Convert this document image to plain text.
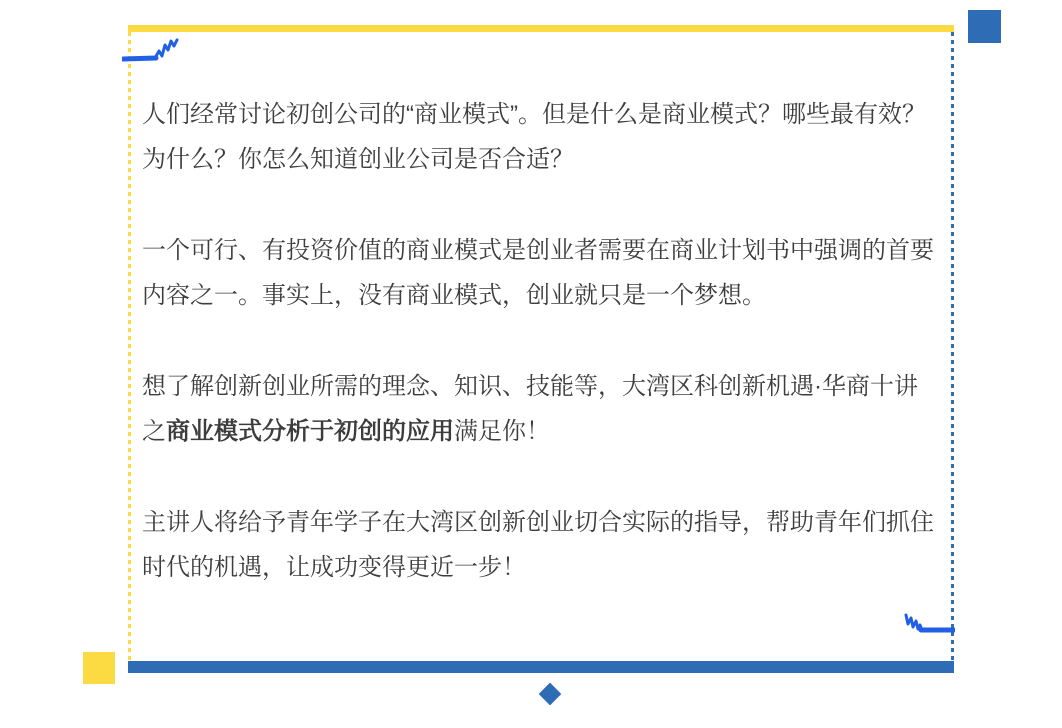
人们经常讨论初创公司的“商业模式”。但是什么是商业模式？哪些最有效？
为什么？你怎么知道创业公司是否合适？

一个可行、有投资价值的商业模式是创业者需要在商业计划书中强调的首要
内容之一。事实上，没有商业模式，创业就只是一个梦想。

想了解创新创业所需的理念、知识、技能等，大湾区科创新机遇·华商十讲
之商业模式分析于初创的应用满足你！

主讲人将给予青年学子在大湾区创新创业切合实际的指导，帮助青年们抓住
时代的机遇，让成功变得更近一步！
